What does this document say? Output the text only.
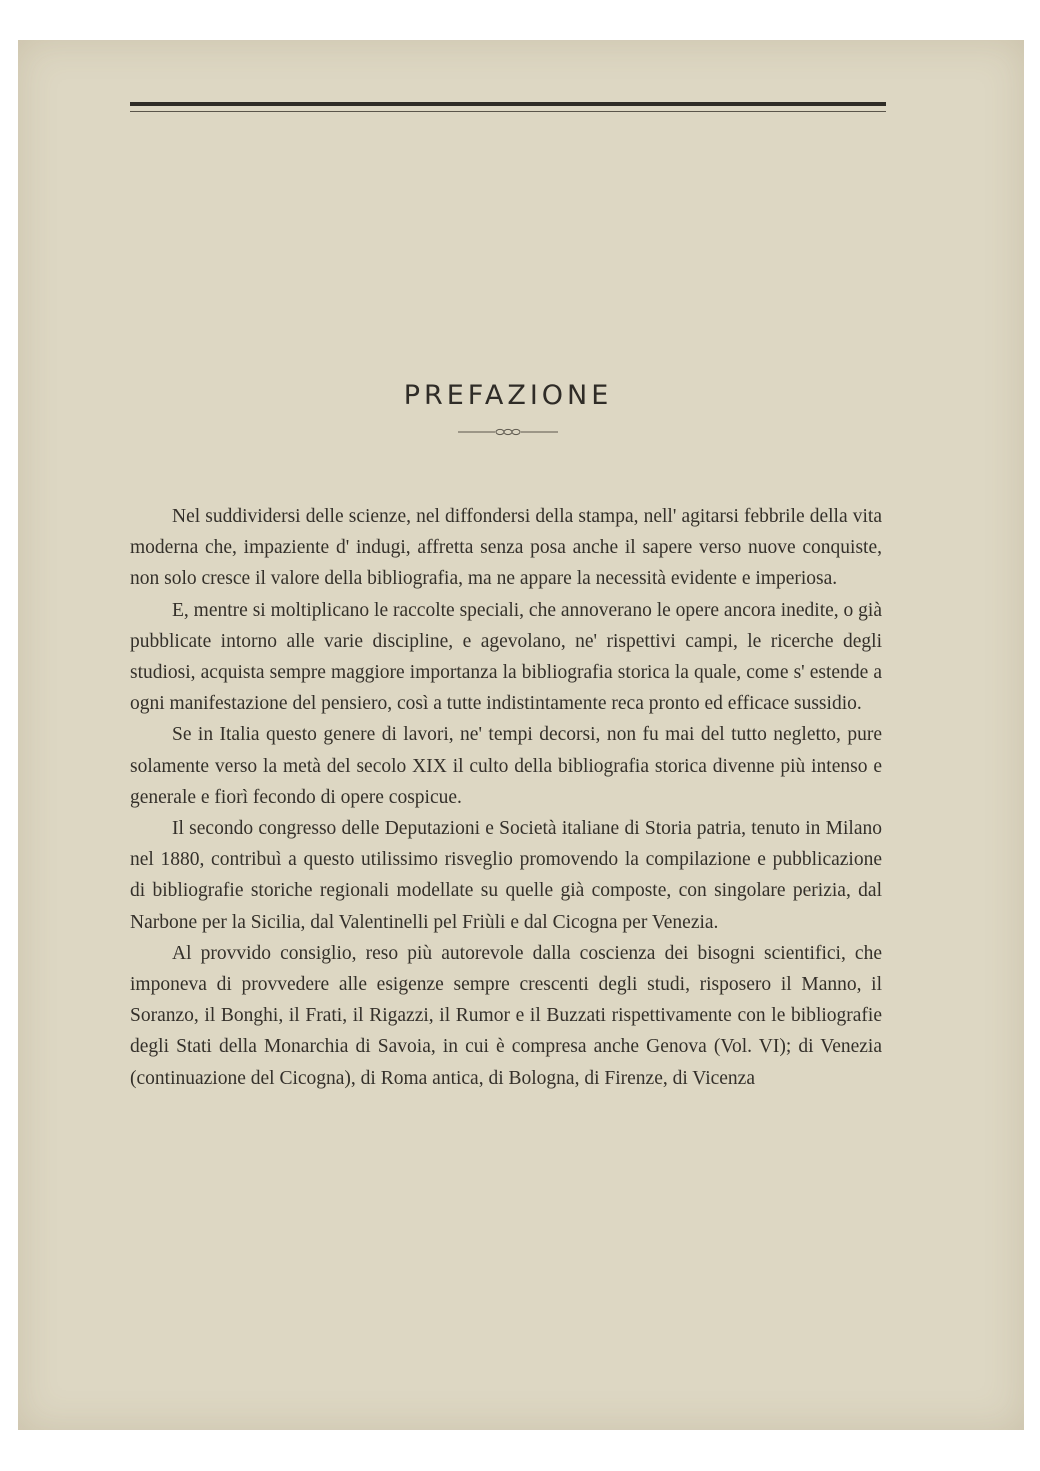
PREFAZIONE

Nel suddividersi delle scienze, nel diffondersi della stampa, nell' agitarsi febbrile della vita moderna che, impaziente d' indugi, affretta senza posa anche il sapere verso nuove conquiste, non solo cresce il valore della bibliografia, ma ne appare la necessità evidente e imperiosa.

E, mentre si moltiplicano le raccolte speciali, che annoverano le opere ancora inedite, o già pubblicate intorno alle varie discipline, e agevolano, ne' rispettivi campi, le ricerche degli studiosi, acquista sempre maggiore importanza la bibliografia storica la quale, come s' estende a ogni manifestazione del pensiero, così a tutte indistintamente reca pronto ed efficace sussidio.

Se in Italia questo genere di lavori, ne' tempi decorsi, non fu mai del tutto negletto, pure solamente verso la metà del secolo XIX il culto della bibliografia storica divenne più intenso e generale e fiorì fecondo di opere cospicue.

Il secondo congresso delle Deputazioni e Società italiane di Storia patria, tenuto in Milano nel 1880, contribuì a questo utilissimo risveglio promovendo la compilazione e pubblicazione di bibliografie storiche regionali modellate su quelle già composte, con singolare perizia, dal Narbone per la Sicilia, dal Valentinelli pel Friùli e dal Cicogna per Venezia.

Al provvido consiglio, reso più autorevole dalla coscienza dei bisogni scientifici, che imponeva di provvedere alle esigenze sempre crescenti degli studi, risposero il Manno, il Soranzo, il Bonghi, il Frati, il Rigazzi, il Rumor e il Buzzati rispettivamente con le bibliografie degli Stati della Monarchia di Savoia, in cui è compresa anche Genova (Vol. VI); di Venezia (continuazione del Cicogna), di Roma antica, di Bologna, di Firenze, di Vicenza
